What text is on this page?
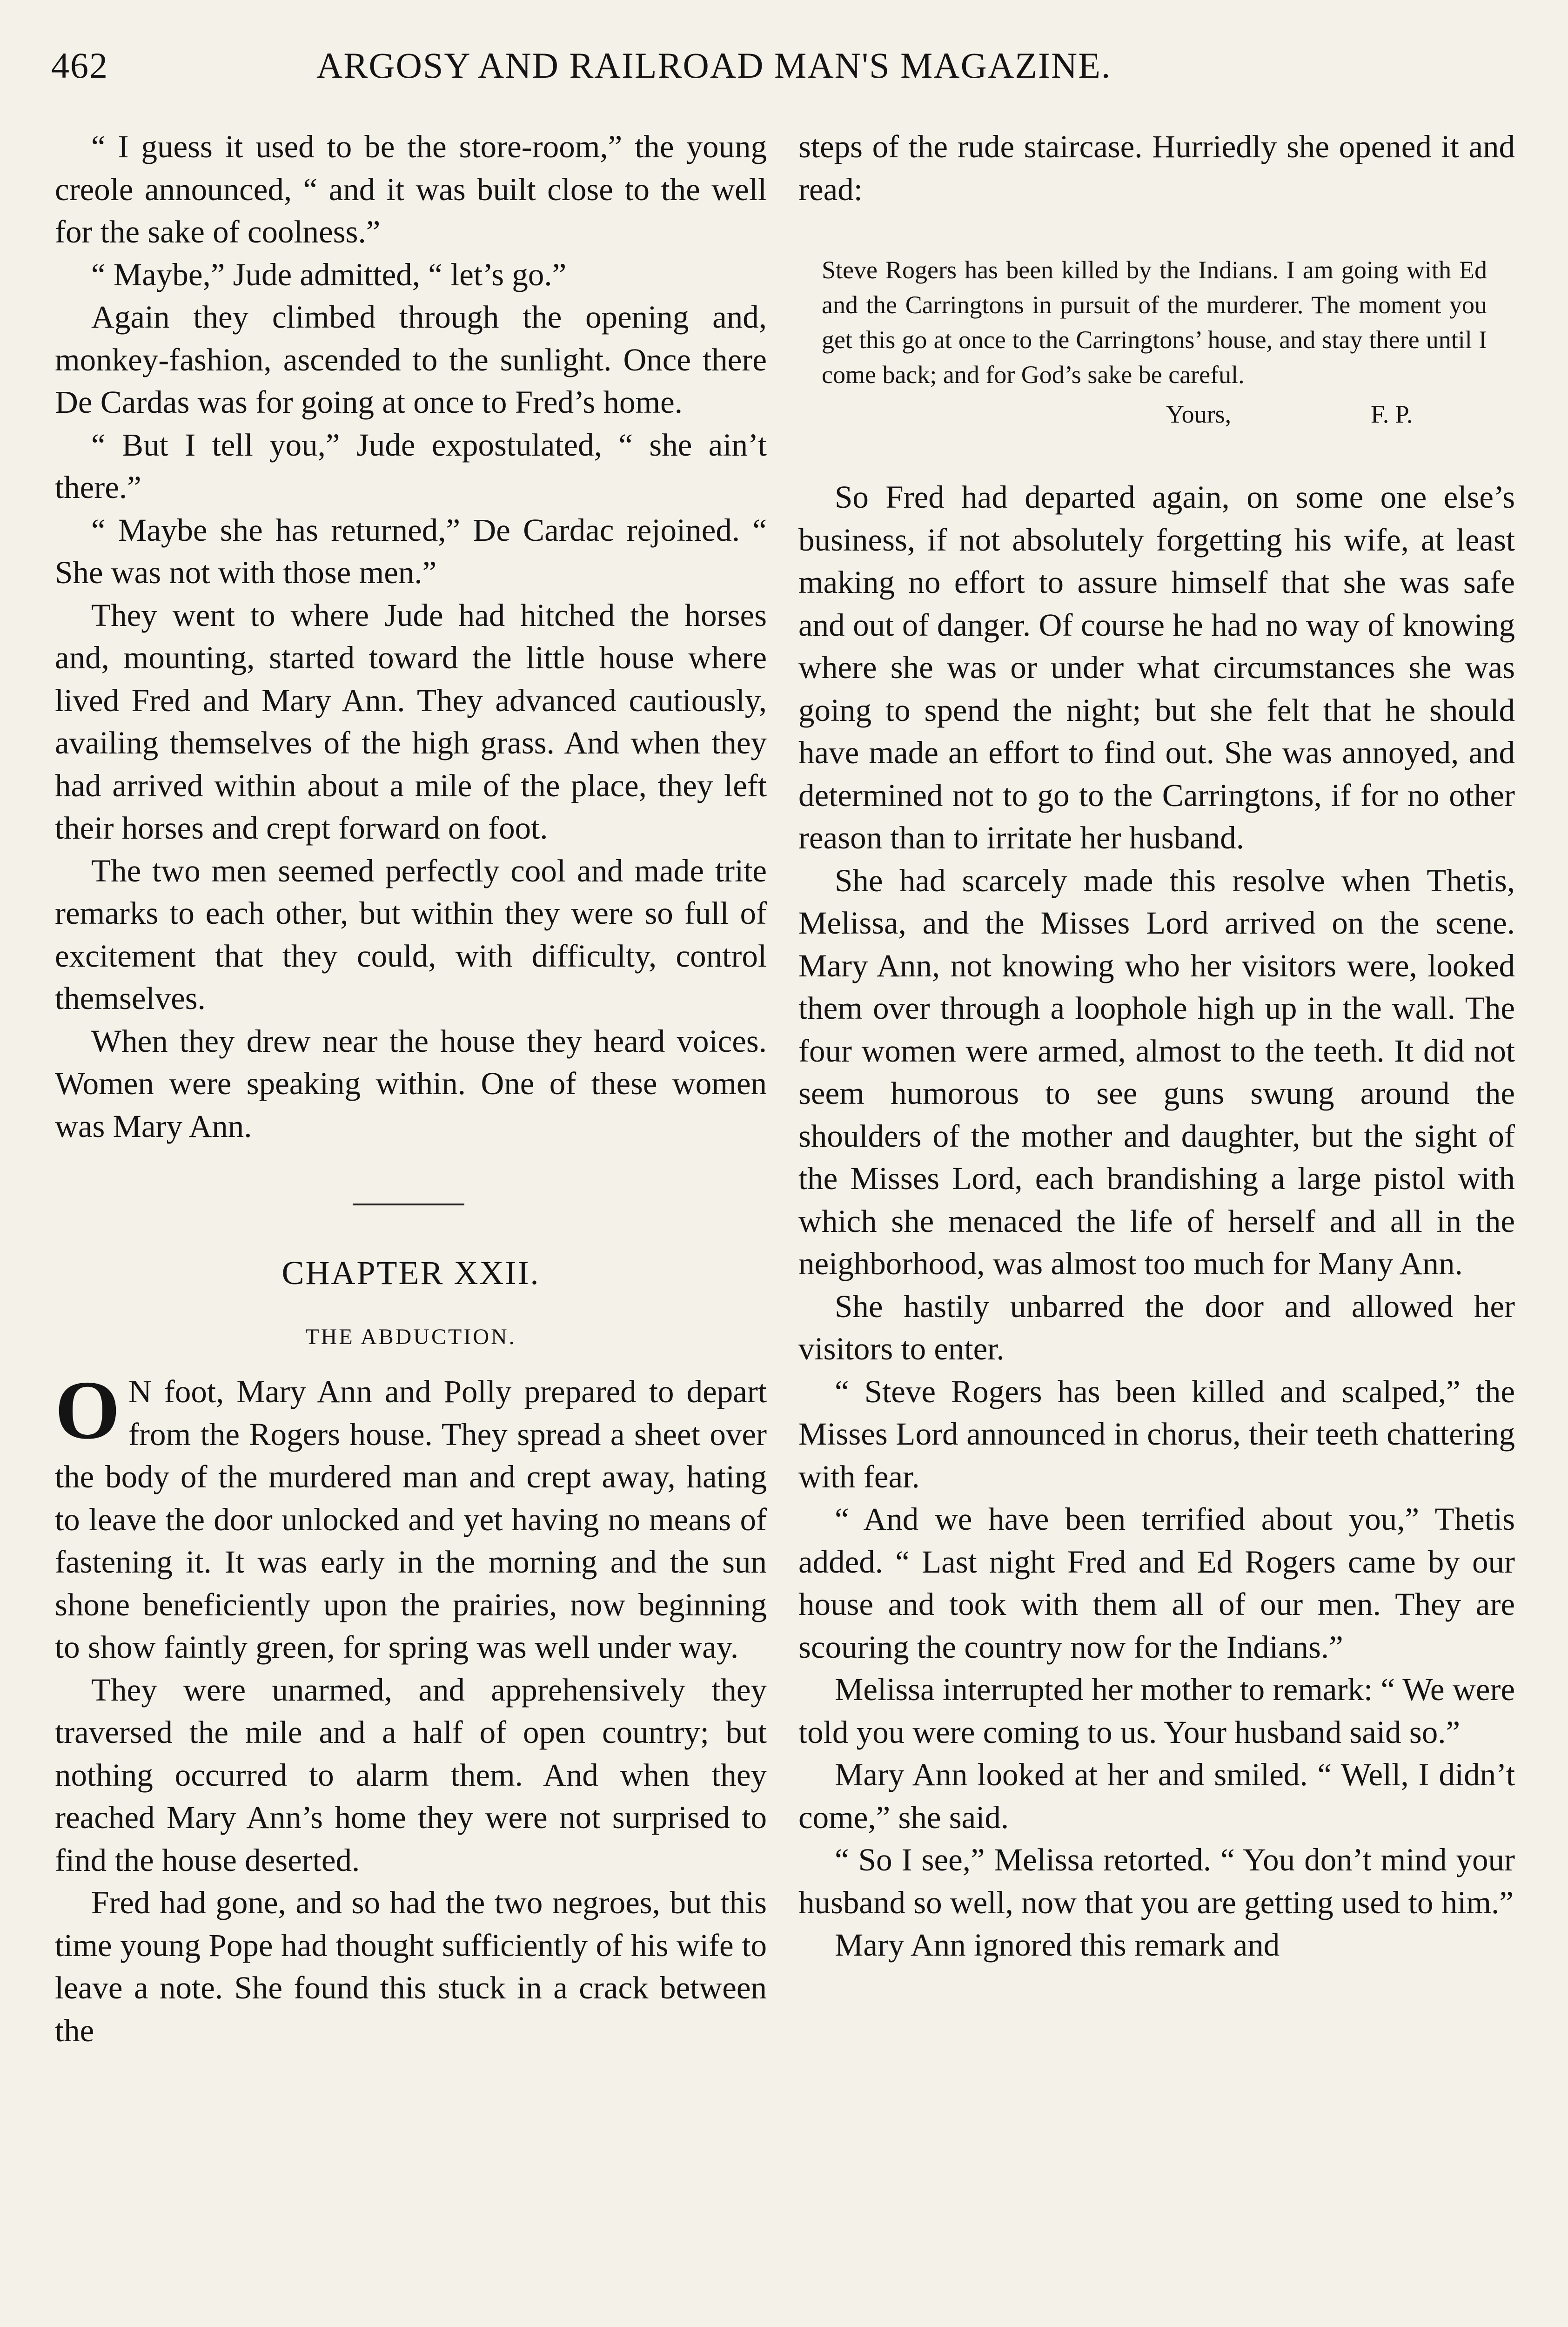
462	ARGOSY AND RAILROAD MAN'S MAGAZINE.

“ I guess it used to be the store-room,” the young creole announced, “ and it was built close to the well for the sake of coolness.”

“ Maybe,” Jude admitted, “ let’s go.”

Again they climbed through the opening and, monkey-fashion, ascended to the sunlight. Once there De Cardas was for going at once to Fred’s home.

“ But I tell you,” Jude expostulated, “ she ain’t there.”

“ Maybe she has returned,” De Cardac rejoined. “ She was not with those men.”

They went to where Jude had hitched the horses and, mounting, started toward the little house where lived Fred and Mary Ann. They advanced cautiously, availing themselves of the high grass. And when they had arrived within about a mile of the place, they left their horses and crept forward on foot.

The two men seemed perfectly cool and made trite remarks to each other, but within they were so full of excitement that they could, with difficulty, control themselves.

When they drew near the house they heard voices. Women were speaking within. One of these women was Mary Ann.

CHAPTER XXII.
THE ABDUCTION.

O N foot, Mary Ann and Polly prepared to depart from the Rogers house. They spread a sheet over the body of the murdered man and crept away, hating to leave the door unlocked and yet having no means of fastening it. It was early in the morning and the sun shone beneficiently upon the prairies, now beginning to show faintly green, for spring was well under way.

They were unarmed, and apprehensively they traversed the mile and a half of open country; but nothing occurred to alarm them. And when they reached Mary Ann’s home they were not surprised to find the house deserted.

Fred had gone, and so had the two negroes, but this time young Pope had thought sufficiently of his wife to leave a note. She found this stuck in a crack between the

steps of the rude staircase. Hurriedly she opened it and read:

Steve Rogers has been killed by the Indians. I am going with Ed and the Carringtons in pursuit of the murderer. The moment you get this go at once to the Carringtons’ house, and stay there until I come back; and for God’s sake be careful.
Yours,	F. P.

So Fred had departed again, on some one else’s business, if not absolutely forgetting his wife, at least making no effort to assure himself that she was safe and out of danger. Of course he had no way of knowing where she was or under what circumstances she was going to spend the night; but she felt that he should have made an effort to find out. She was annoyed, and determined not to go to the Carringtons, if for no other reason than to irritate her husband.

She had scarcely made this resolve when Thetis, Melissa, and the Misses Lord arrived on the scene. Mary Ann, not knowing who her visitors were, looked them over through a loophole high up in the wall. The four women were armed, almost to the teeth. It did not seem humorous to see guns swung around the shoulders of the mother and daughter, but the sight of the Misses Lord, each brandishing a large pistol with which she menaced the life of herself and all in the neighborhood, was almost too much for Many Ann.

She hastily unbarred the door and allowed her visitors to enter.

“ Steve Rogers has been killed and scalped,” the Misses Lord announced in chorus, their teeth chattering with fear.

“ And we have been terrified about you,” Thetis added. “ Last night Fred and Ed Rogers came by our house and took with them all of our men. They are scouring the country now for the Indians.”

Melissa interrupted her mother to remark: “ We were told you were coming to us. Your husband said so.”

Mary Ann looked at her and smiled. “ Well, I didn’t come,” she said.

“ So I see,” Melissa retorted. “ You don’t mind your husband so well, now that you are getting used to him.”

Mary Ann ignored this remark and
